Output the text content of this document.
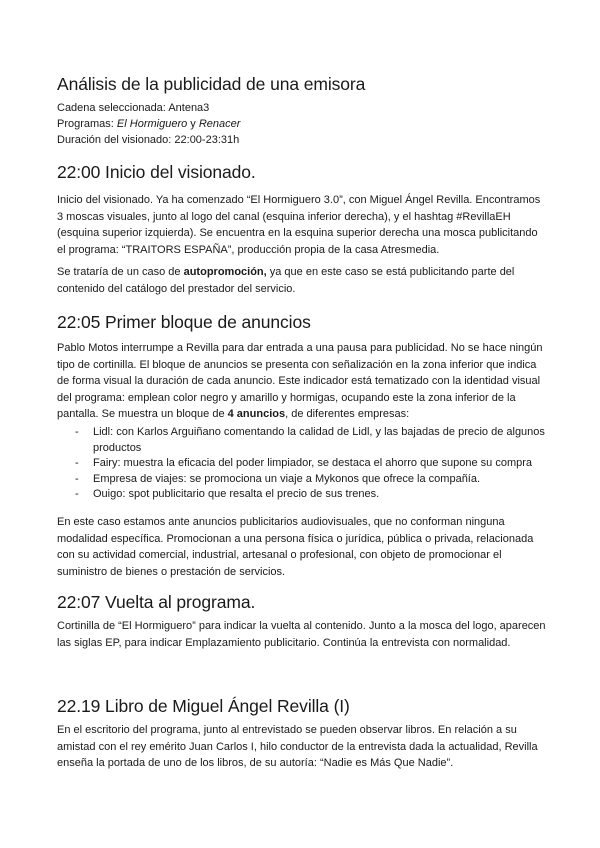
Análisis de la publicidad de una emisora
Cadena seleccionada: Antena3
Programas: El Hormiguero y Renacer
Duración del visionado: 22:00-23:31h
22:00 Inicio del visionado.

Inicio del visionado. Ya ha comenzado “El Hormiguero 3.0”, con Miguel Ángel Revilla. Encontramos 3 moscas visuales, junto al logo del canal (esquina inferior derecha), y el hashtag #RevillaEH (esquina superior izquierda). Se encuentra en la esquina superior derecha una mosca publicitando el programa: “TRAITORS ESPAÑA”, producción propia de la casa Atresmedia.

Se trataría de un caso de autopromoción, ya que en este caso se está publicitando parte del contenido del catálogo del prestador del servicio.

22:05 Primer bloque de anuncios

Pablo Motos interrumpe a Revilla para dar entrada a una pausa para publicidad. No se hace ningún tipo de cortinilla. El bloque de anuncios se presenta con señalización en la zona inferior que indica de forma visual la duración de cada anuncio. Este indicador está tematizado con la identidad visual del programa: emplean color negro y amarillo y hormigas, ocupando este la zona inferior de la pantalla. Se muestra un bloque de 4 anuncios, de diferentes empresas:

- Lidl: con Karlos Arguiñano comentando la calidad de Lidl, y las bajadas de precio de algunos productos
- Fairy: muestra la eficacia del poder limpiador, se destaca el ahorro que supone su compra
- Empresa de viajes: se promociona un viaje a Mykonos que ofrece la compañía.
- Ouigo: spot publicitario que resalta el precio de sus trenes.

En este caso estamos ante anuncios publicitarios audiovisuales, que no conforman ninguna modalidad específica. Promocionan a una persona física o jurídica, pública o privada, relacionada con su actividad comercial, industrial, artesanal o profesional, con objeto de promocionar el suministro de bienes o prestación de servicios.

22:07 Vuelta al programa.

Cortinilla de “El Hormiguero” para indicar la vuelta al contenido. Junto a la mosca del logo, aparecen las siglas EP, para indicar Emplazamiento publicitario. Continúa la entrevista con normalidad.

22.19 Libro de Miguel Ángel Revilla (I)

En el escritorio del programa, junto al entrevistado se pueden observar libros. En relación a su amistad con el rey emérito Juan Carlos I, hilo conductor de la entrevista dada la actualidad, Revilla enseña la portada de uno de los libros, de su autoría: “Nadie es Más Que Nadie”.
